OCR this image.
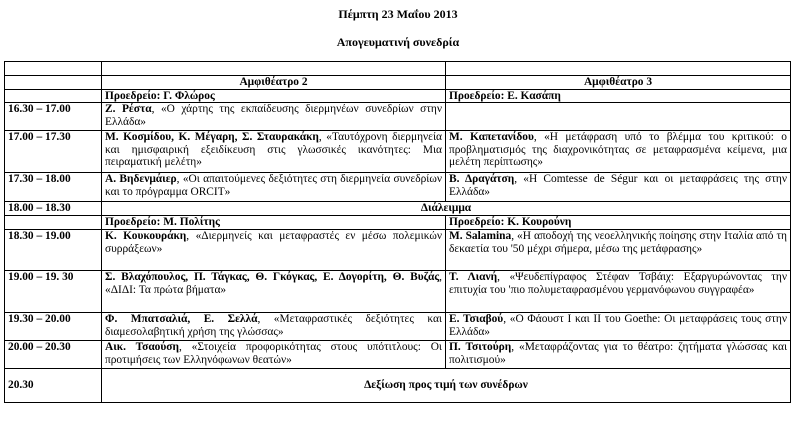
Πέμπτη 23 Μαΐου 2013
Απογευματινή συνεδρία

	Αμφιθέατρο 2	Αμφιθέατρο 3
	Προεδρείο: Γ. Φλώρος	Προεδρείο: Ε. Κασάπη
16.30 – 17.00	Ζ. Ρέστα, «Ο χάρτης της εκπαίδευσης διερμηνέων συνεδρίων στην Ελλάδα»	
17.00 – 17.30	Μ. Κοσμίδου, Κ. Μέγαρη, Σ. Σταυρακάκη, «Ταυτόχρονη διερμηνεία και ημισφαιρική εξειδίκευση στις γλωσσικές ικανότητες: Μια πειραματική μελέτη»	Μ. Καπετανίδου, «Η μετάφραση υπό το βλέμμα του κριτικού: ο προβληματισμός της διαχρονικότητας σε μεταφρασμένα κείμενα, μια μελέτη περίπτωσης»
17.30 – 18.00	Α. Βηδενμάιερ, «Οι απαιτούμενες δεξιότητες στη διερμηνεία συνεδρίων και το πρόγραμμα ORCIT»	Β. Δραγάτση, «H Comtesse de Ségur και οι μεταφράσεις της στην Ελλάδα»
18.00 – 18.30	Διάλειμμα	
	Προεδρείο: Μ. Πολίτης	Προεδρείο: Κ. Κουρούνη
18.30 – 19.00	Κ. Κουκουράκη, «Διερμηνείς και μεταφραστές εν μέσω πολεμικών συρράξεων»	Μ. Salamina, «Η αποδοχή της νεοελληνικής ποίησης στην Ιταλία από τη δεκαετία του '50 μέχρι σήμερα, μέσω της μετάφρασης»
19.00 – 19. 30	Σ. Βλαχόπουλος, Π. Τάγκας, Θ. Γκόγκας, Ε. Δογορίτη, Θ. Βυζάς, «ΔΙΔΙ: Τα πρώτα βήματα»	Τ. Λιανή, «Ψευδεπίγραφος Στέφαν Τσβάιχ: Εξαργυρώνοντας την επιτυχία του 'πιο πολυμεταφρασμένου γερμανόφωνου συγγραφέα»
19.30 – 20.00	Φ. Μπατσαλιά, Ε. Σελλά, «Μεταφραστικές δεξιότητες και διαμεσολαβητική χρήση της γλώσσας»	Ε. Τσιαβού, «Ο Φάουστ Ι και ΙΙ του Goethe: Οι μεταφράσεις τους στην Ελλάδα»
20.00 – 20.30	Αικ. Τσαούση, «Στοιχεία προφορικότητας στους υπότιτλους: Οι προτιμήσεις των Ελληνόφωνων θεατών»	Π. Τσιτούρη, «Μεταφράζοντας για το θέατρο: ζητήματα γλώσσας και πολιτισμού»
20.30	Δεξίωση προς τιμή των συνέδρων	
